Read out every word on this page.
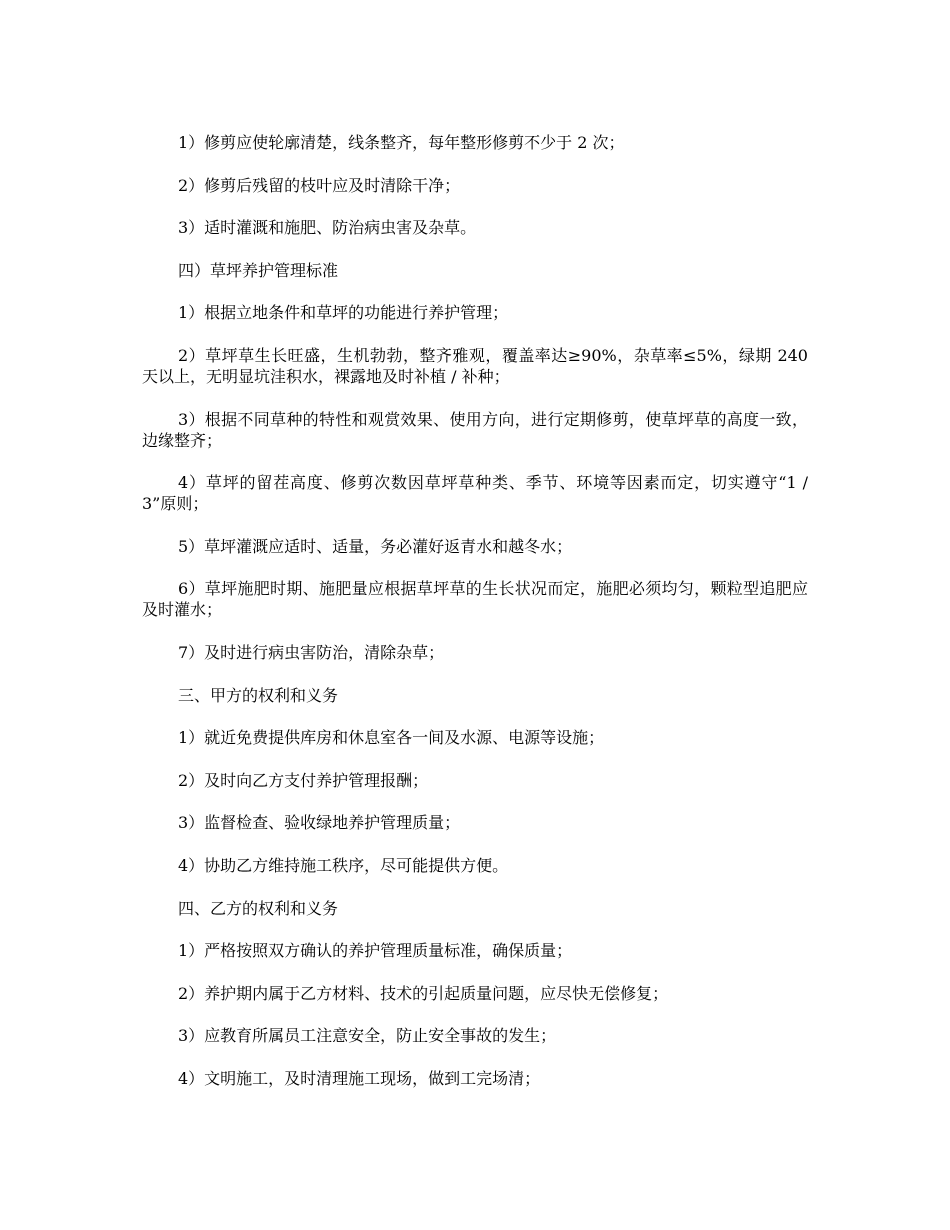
1）修剪应使轮廓清楚，线条整齐，每年整形修剪不少于 2 次；

2）修剪后残留的枝叶应及时清除干净；

3）适时灌溉和施肥、防治病虫害及杂草。

四）草坪养护管理标准

1）根据立地条件和草坪的功能进行养护管理；

2）草坪草生长旺盛，生机勃勃，整齐雅观，覆盖率达≥90%，杂草率≤5%，绿期 240 天以上，无明显坑洼积水，裸露地及时补植 / 补种；

3）根据不同草种的特性和观赏效果、使用方向，进行定期修剪，使草坪草的高度一致，边缘整齐；

4）草坪的留茬高度、修剪次数因草坪草种类、季节、环境等因素而定，切实遵守“1 / 3”原则；

5）草坪灌溉应适时、适量，务必灌好返青水和越冬水；

6）草坪施肥时期、施肥量应根据草坪草的生长状况而定，施肥必须均匀，颗粒型追肥应及时灌水；

7）及时进行病虫害防治，清除杂草；

三、甲方的权利和义务

1）就近免费提供库房和休息室各一间及水源、电源等设施；

2）及时向乙方支付养护管理报酬；

3）监督检查、验收绿地养护管理质量；

4）协助乙方维持施工秩序，尽可能提供方便。

四、乙方的权利和义务

1）严格按照双方确认的养护管理质量标准，确保质量；

2）养护期内属于乙方材料、技术的引起质量问题，应尽快无偿修复；

3）应教育所属员工注意安全，防止安全事故的发生；

4）文明施工，及时清理施工现场，做到工完场清；
